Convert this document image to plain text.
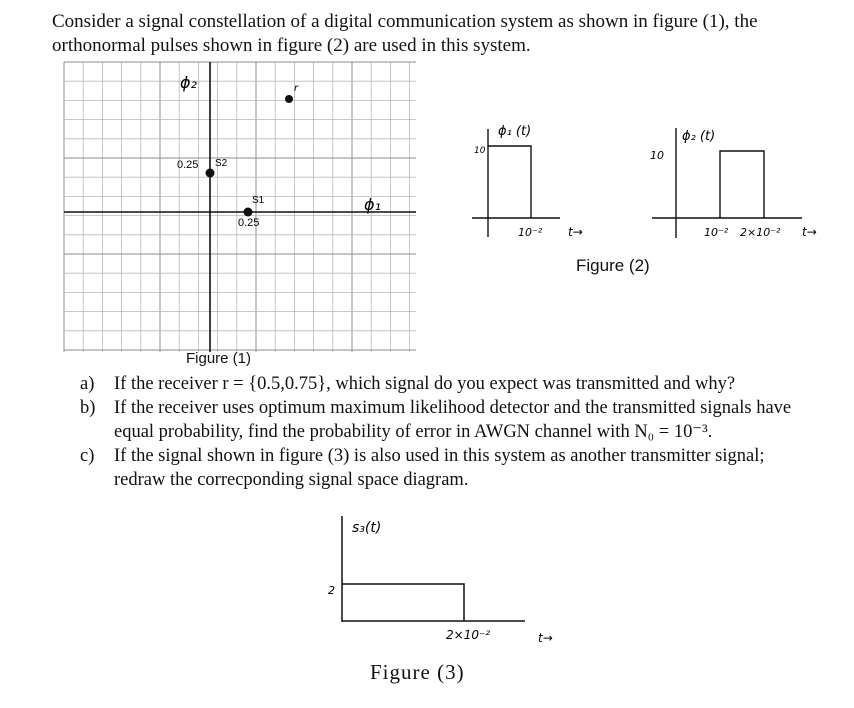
Consider a signal constellation of a digital communication system as shown in figure (1), the
orthonormal pulses shown in figure (2) are used in this system.
ϕ₂
ϕ₁
r
S2
0.25
S1
0.25
Figure (1)
ϕ₁ (t)
10
10⁻² t→
ϕ₂ (t)
10
10⁻² 2×10⁻² t→
Figure (2)
a) If the receiver r = {0.5,0.75}, which signal do you expect was transmitted and why?
b) If the receiver uses optimum maximum likelihood detector and the transmitted signals have equal probability, find the probability of error in AWGN channel with N₀ = 10⁻³.
c) If the signal shown in figure (3) is also used in this system as another transmitter signal; redraw the correcponding signal space diagram.
s₃(t)
2
2×10⁻²	t→
Figure (3)
